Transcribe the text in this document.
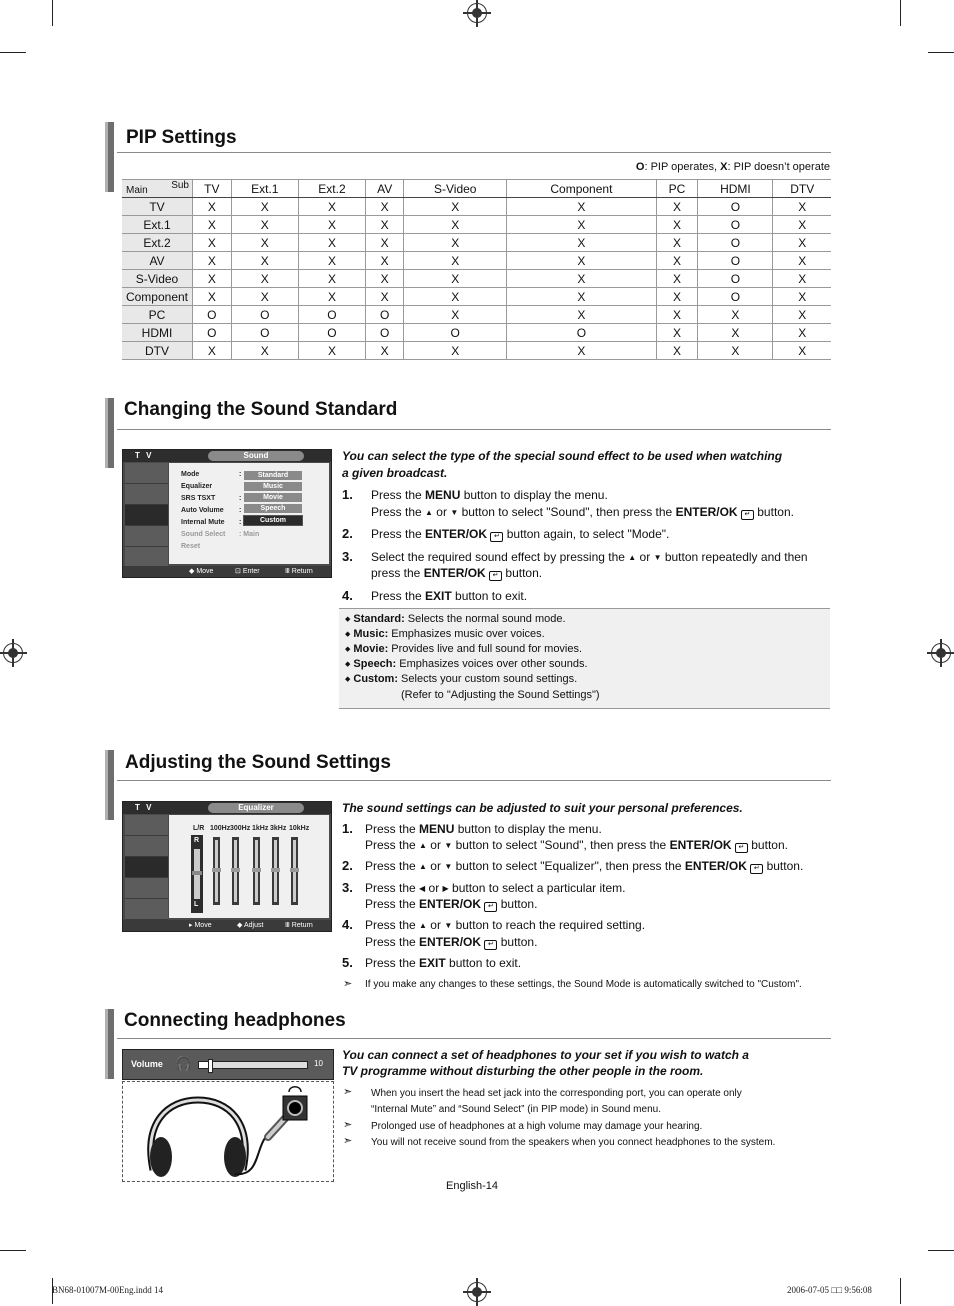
PIP Settings
O: PIP operates, X: PIP doesn’t operate
Main Sub	TV	Ext.1	Ext.2	AV	S-Video	Component	PC	HDMI	DTV
TV	X	X	X	X	X	X	X	O	X
Ext.1	X	X	X	X	X	X	X	O	X
Ext.2	X	X	X	X	X	X	X	O	X
AV	X	X	X	X	X	X	X	O	X
S-Video	X	X	X	X	X	X	X	O	X
Component	X	X	X	X	X	X	X	O	X
PC	O	O	O	O	X	X	X	X	X
HDMI	O	O	O	O	O	O	X	X	X
DTV	X	X	X	X	X	X	X	X	X
Changing the Sound Standard
T V	Sound
Mode
Equalizer
SRS TSXT
Auto Volume
Internal Mute
Sound Select
Reset
:
:
:
:
: Main
Standard
Music
Movie
Speech
Custom
◆ Move	⊡ Enter	Ⅲ Return
You can select the type of the special sound effect to be used when watching
a given broadcast.
1. Press the MENU button to display the menu.
Press the ▲ or ▼ button to select "Sound", then press the ENTER/OK ↵ button.
2. Press the ENTER/OK ↵ button again, to select "Mode".
3. Select the required sound effect by pressing the ▲ or ▼ button repeatedly and then
press the ENTER/OK ↵ button.
4. Press the EXIT button to exit.
◆ Standard: Selects the normal sound mode.
◆ Music: Emphasizes music over voices.
◆ Movie: Provides live and full sound for movies.
◆ Speech: Emphasizes voices over other sounds.
◆ Custom: Selects your custom sound settings.
(Refer to "Adjusting the Sound Settings")
Adjusting the Sound Settings
T V	Equalizer
L/R 100Hz 300Hz 1kHz 3kHz 10kHz
R
L
▸ Move	◆ Adjust	Ⅲ Return
The sound settings can be adjusted to suit your personal preferences.
1. Press the MENU button to display the menu.
Press the ▲ or ▼ button to select "Sound", then press the ENTER/OK ↵ button.
2. Press the ▲ or ▼ button to select "Equalizer", then press the ENTER/OK ↵ button.
3. Press the ◀ or ▶ button to select a particular item.
Press the ENTER/OK ↵ button.
4. Press the ▲ or ▼ button to reach the required setting.
Press the ENTER/OK ↵ button.
5. Press the EXIT button to exit.
➣ If you make any changes to these settings, the Sound Mode is automatically switched to "Custom".
Connecting headphones
Volume 🎧	10
You can connect a set of headphones to your set if you wish to watch a
TV programme without disturbing the other people in the room.
➣ When you insert the head set jack into the corresponding port, you can operate only
“Internal Mute” and “Sound Select” (in PIP mode) in Sound menu.
➣ Prolonged use of headphones at a high volume may damage your hearing.
➣ You will not receive sound from the speakers when you connect headphones to the system.
English-14
BN68-01007M-00Eng.indd 14	2006-07-05 □□ 9:56:08
